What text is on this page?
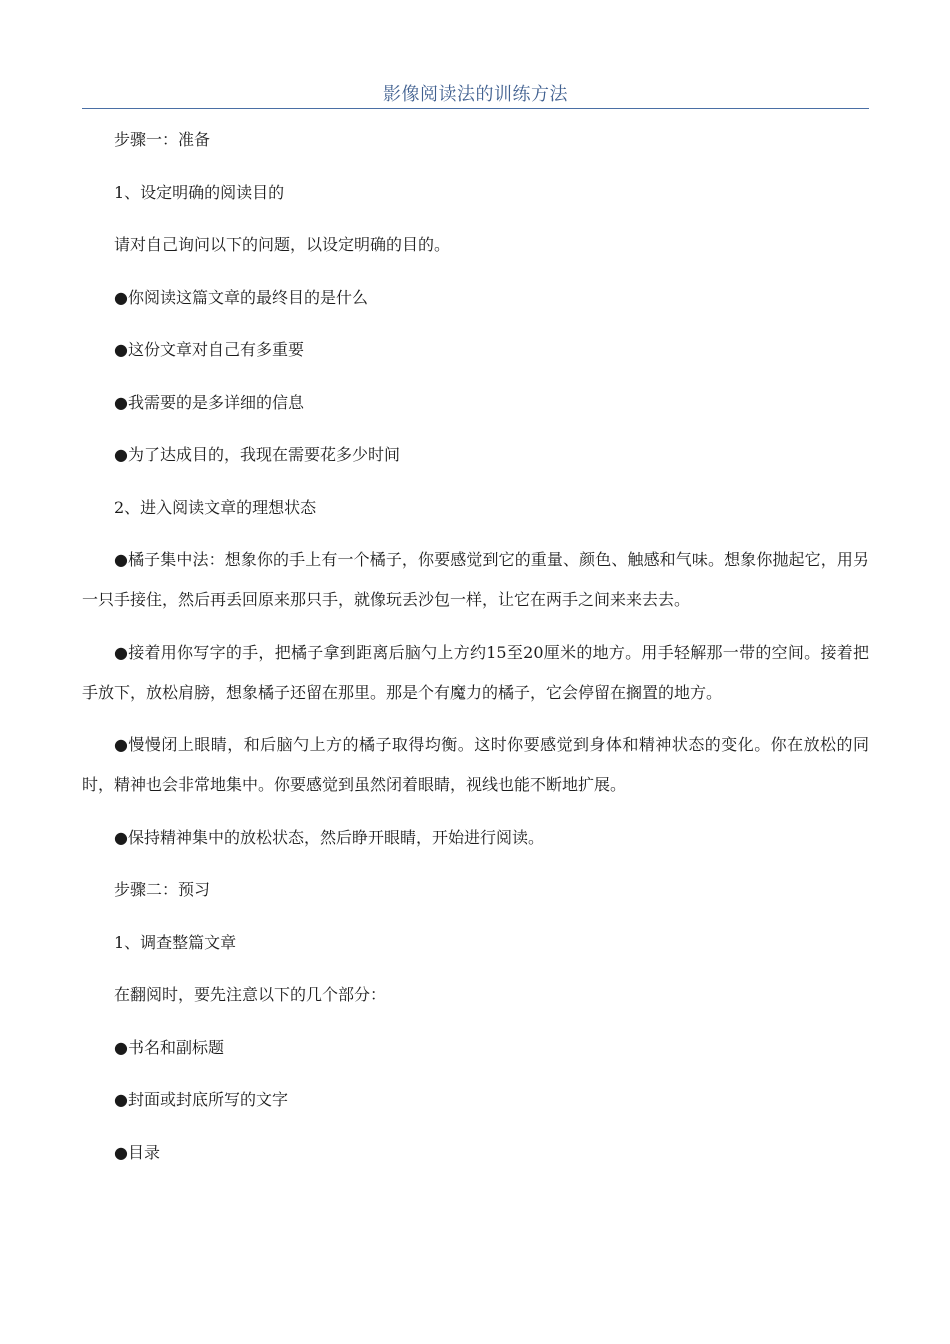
影像阅读法的训练方法

步骤一：准备

1、设定明确的阅读目的

请对自己询问以下的问题，以设定明确的目的。

●你阅读这篇文章的最终目的是什么

●这份文章对自己有多重要

●我需要的是多详细的信息

●为了达成目的，我现在需要花多少时间

2、进入阅读文章的理想状态

●橘子集中法：想象你的手上有一个橘子，你要感觉到它的重量、颜色、触感和气味。想象你抛起它，用另一只手接住，然后再丢回原来那只手，就像玩丢沙包一样，让它在两手之间来来去去。

●接着用你写字的手，把橘子拿到距离后脑勺上方约15至20厘米的地方。用手轻解那一带的空间。接着把手放下，放松肩膀，想象橘子还留在那里。那是个有魔力的橘子，它会停留在搁置的地方。

●慢慢闭上眼睛，和后脑勺上方的橘子取得均衡。这时你要感觉到身体和精神状态的变化。你在放松的同时，精神也会非常地集中。你要感觉到虽然闭着眼睛，视线也能不断地扩展。

●保持精神集中的放松状态，然后睁开眼睛，开始进行阅读。

步骤二：预习

1、调查整篇文章

在翻阅时，要先注意以下的几个部分：

●书名和副标题

●封面或封底所写的文字

●目录
